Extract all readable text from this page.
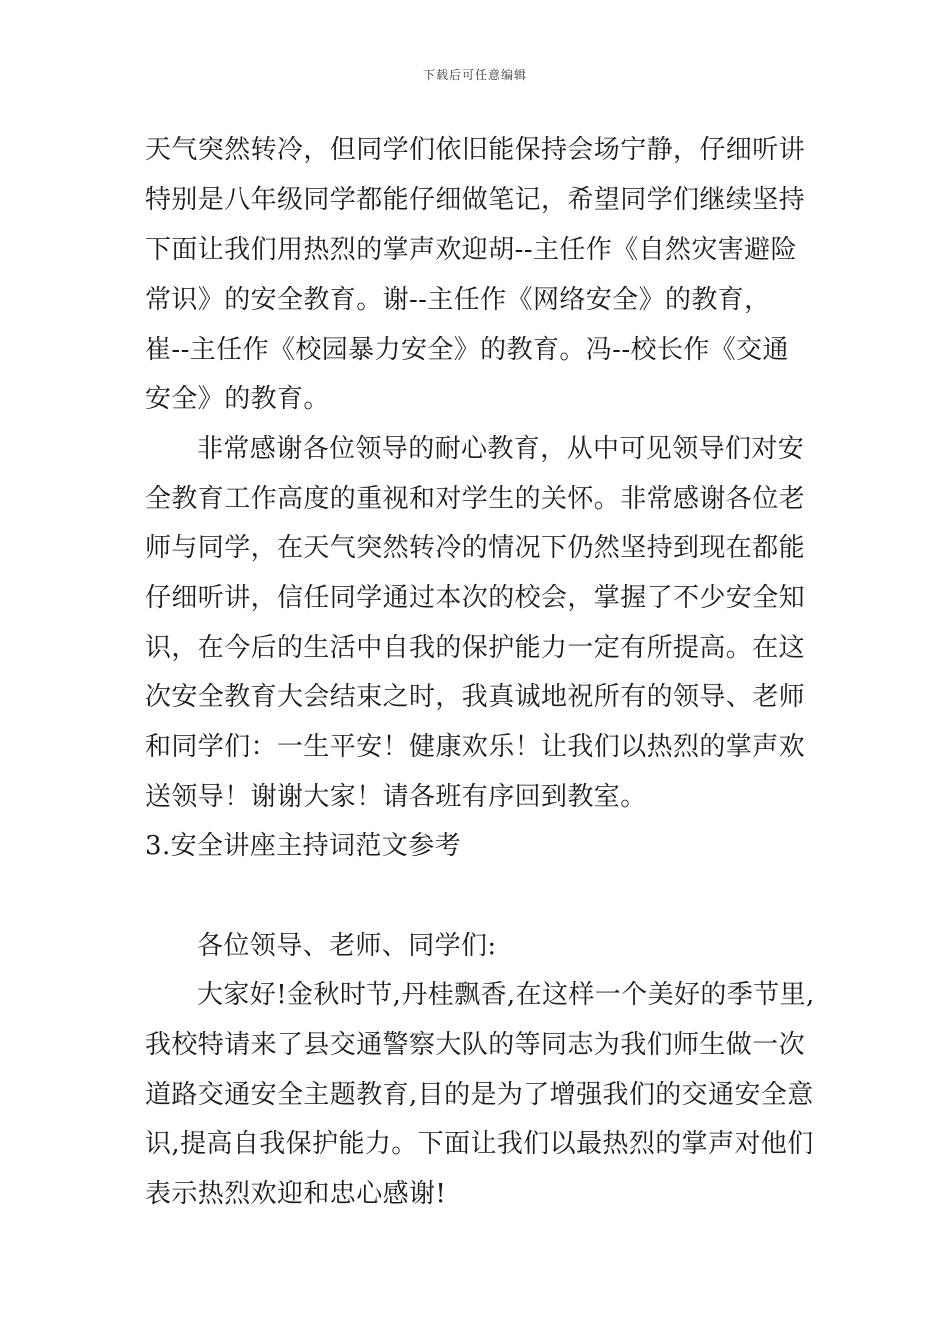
下载后可任意编辑
天气突然转冷，但同学们依旧能保持会场宁静，仔细听讲
特别是八年级同学都能仔细做笔记，希望同学们继续坚持
下面让我们用热烈的掌声欢迎胡--主任作《自然灾害避险
常识》的安全教育。谢--主任作《网络安全》的教育，
崔--主任作《校园暴力安全》的教育。冯--校长作《交通
安全》的教育。
非常感谢各位领导的耐心教育，从中可见领导们对安
全教育工作高度的重视和对学生的关怀。非常感谢各位老
师与同学，在天气突然转冷的情况下仍然坚持到现在都能
仔细听讲，信任同学通过本次的校会，掌握了不少安全知
识，在今后的生活中自我的保护能力一定有所提高。在这
次安全教育大会结束之时，我真诚地祝所有的领导、老师
和同学们：一生平安！健康欢乐！让我们以热烈的掌声欢
送领导！谢谢大家！请各班有序回到教室。
3.安全讲座主持词范文参考
各位领导、老师、同学们:
大家好!金秋时节,丹桂飘香,在这样一个美好的季节里,
我校特请来了县交通警察大队的等同志为我们师生做一次
道路交通安全主题教育,目的是为了增强我们的交通安全意
识,提高自我保护能力。下面让我们以最热烈的掌声对他们
表示热烈欢迎和忠心感谢!
